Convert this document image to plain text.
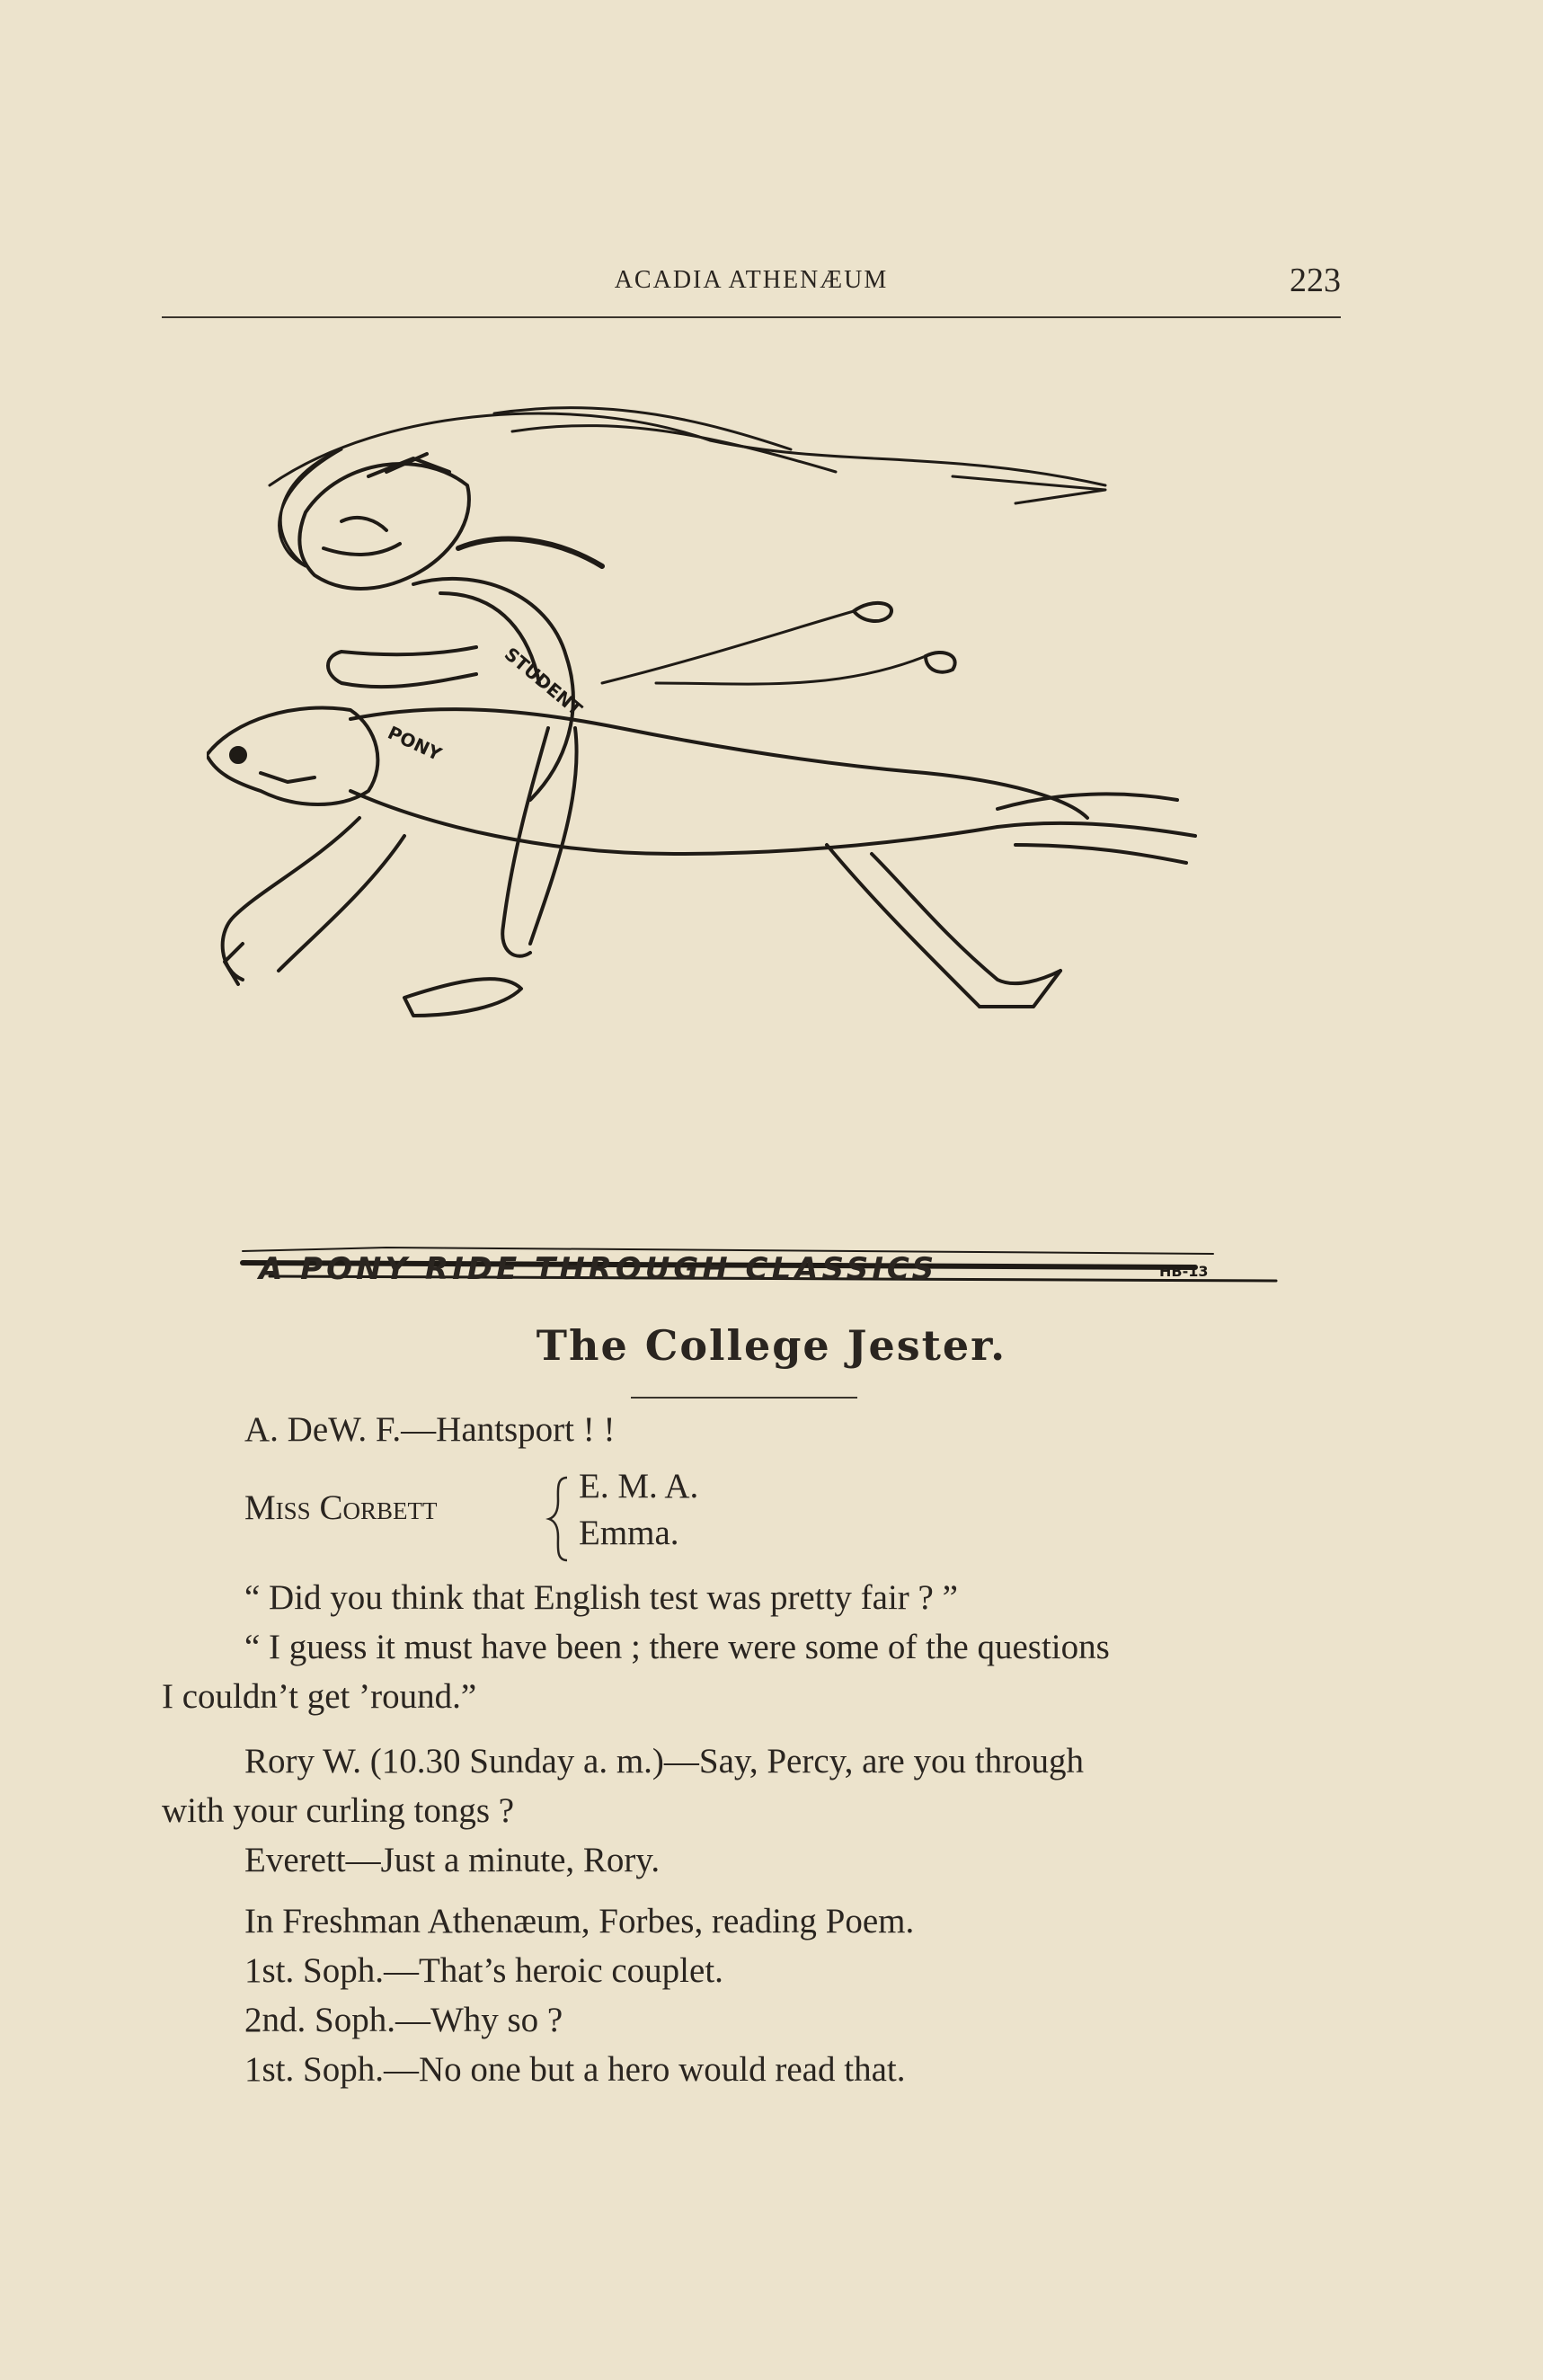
ACADIA ATHENÆUM	223
STUDENT
PONY
HB-13
A PONY RIDE THROUGH CLASSICS
The College Jester.
A. DeW. F.—Hantsport ! !
Miss Corbett
E. M. A.
Emma.
“ Did you think that English test was pretty fair ? ”
“ I guess it must have been ; there were some of the questions
I couldn’t get ’round.”
Rory W. (10.30 Sunday a. m.)—Say, Percy, are you through
with your curling tongs ?
Everett—Just a minute, Rory.
In Freshman Athenæum, Forbes, reading Poem.
1st. Soph.—That’s heroic couplet.
2nd. Soph.—Why so ?
1st. Soph.—No one but a hero would read that.
